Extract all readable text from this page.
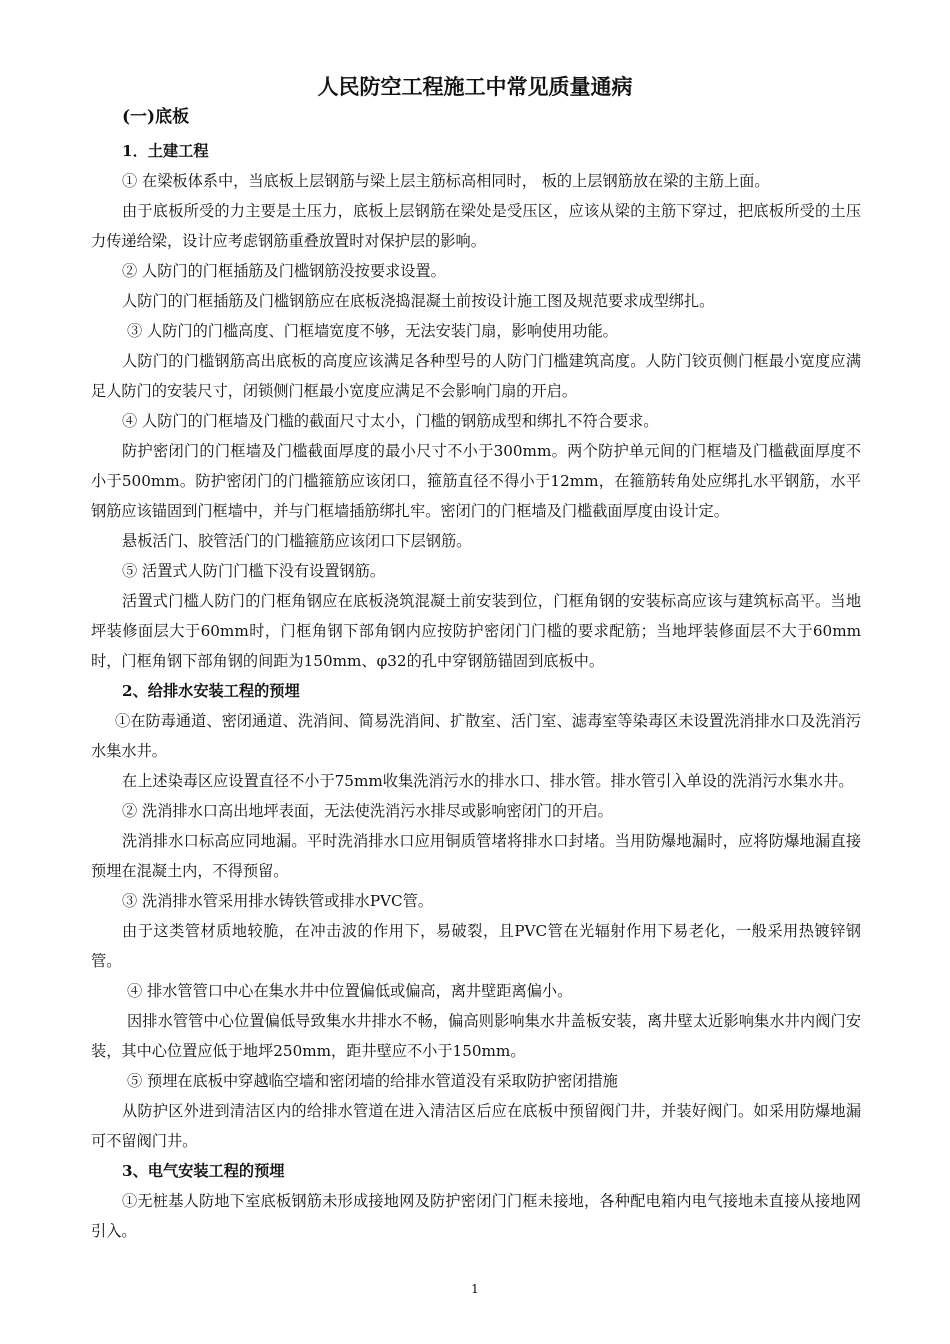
人民防空工程施工中常见质量通病
(一)底板

1．土建工程

① 在梁板体系中，当底板上层钢筋与梁上层主筋标高相同时， 板的上层钢筋放在梁的主筋上面。

由于底板所受的力主要是土压力，底板上层钢筋在梁处是受压区，应该从梁的主筋下穿过，把底板所受的土压力传递给梁，设计应考虑钢筋重叠放置时对保护层的影响。

② 人防门的门框插筋及门槛钢筋没按要求设置。

人防门的门框插筋及门槛钢筋应在底板浇捣混凝土前按设计施工图及规范要求成型绑扎。

③ 人防门的门槛高度、门框墙宽度不够，无法安装门扇，影响使用功能。

人防门的门槛钢筋高出底板的高度应该满足各种型号的人防门门槛建筑高度。人防门铰页侧门框最小宽度应满足人防门的安装尺寸，闭锁侧门框最小宽度应满足不会影响门扇的开启。

④ 人防门的门框墙及门槛的截面尺寸太小，门槛的钢筋成型和绑扎不符合要求。

防护密闭门的门框墙及门槛截面厚度的最小尺寸不小于300mm。两个防护单元间的门框墙及门槛截面厚度不小于500mm。防护密闭门的门槛箍筋应该闭口，箍筋直径不得小于12mm，在箍筋转角处应绑扎水平钢筋，水平钢筋应该锚固到门框墙中，并与门框墙插筋绑扎牢。密闭门的门框墙及门槛截面厚度由设计定。

悬板活门、胶管活门的门槛箍筋应该闭口下层钢筋。

⑤ 活置式人防门门槛下没有设置钢筋。

活置式门槛人防门的门框角钢应在底板浇筑混凝土前安装到位，门框角钢的安装标高应该与建筑标高平。当地坪装修面层大于60mm时，门框角钢下部角钢内应按防护密闭门门槛的要求配筋；当地坪装修面层不大于60mm时，门框角钢下部角钢的间距为150mm、φ32的孔中穿钢筋锚固到底板中。

2、给排水安装工程的预埋

①在防毒通道、密闭通道、洗消间、简易洗消间、扩散室、活门室、滤毒室等染毒区未设置洗消排水口及洗消污水集水井。

在上述染毒区应设置直径不小于75mm收集洗消污水的排水口、排水管。排水管引入单设的洗消污水集水井。

② 洗消排水口高出地坪表面，无法使洗消污水排尽或影响密闭门的开启。

洗消排水口标高应同地漏。平时洗消排水口应用铜质管堵将排水口封堵。当用防爆地漏时，应将防爆地漏直接预埋在混凝土内，不得预留。

③ 洗消排水管采用排水铸铁管或排水PVC管。

由于这类管材质地较脆，在冲击波的作用下，易破裂，且PVC管在光辐射作用下易老化，一般采用热镀锌钢管。

④ 排水管管口中心在集水井中位置偏低或偏高，离井壁距离偏小。

因排水管管中心位置偏低导致集水井排水不畅，偏高则影响集水井盖板安装，离井壁太近影响集水井内阀门安装，其中心位置应低于地坪250mm，距井壁应不小于150mm。

⑤ 预埋在底板中穿越临空墙和密闭墙的给排水管道没有采取防护密闭措施

从防护区外进到清洁区内的给排水管道在进入清洁区后应在底板中预留阀门井，并装好阀门。如采用防爆地漏可不留阀门井。

3、电气安装工程的预埋

①无桩基人防地下室底板钢筋未形成接地网及防护密闭门门框未接地，各种配电箱内电气接地未直接从接地网引入。

1
